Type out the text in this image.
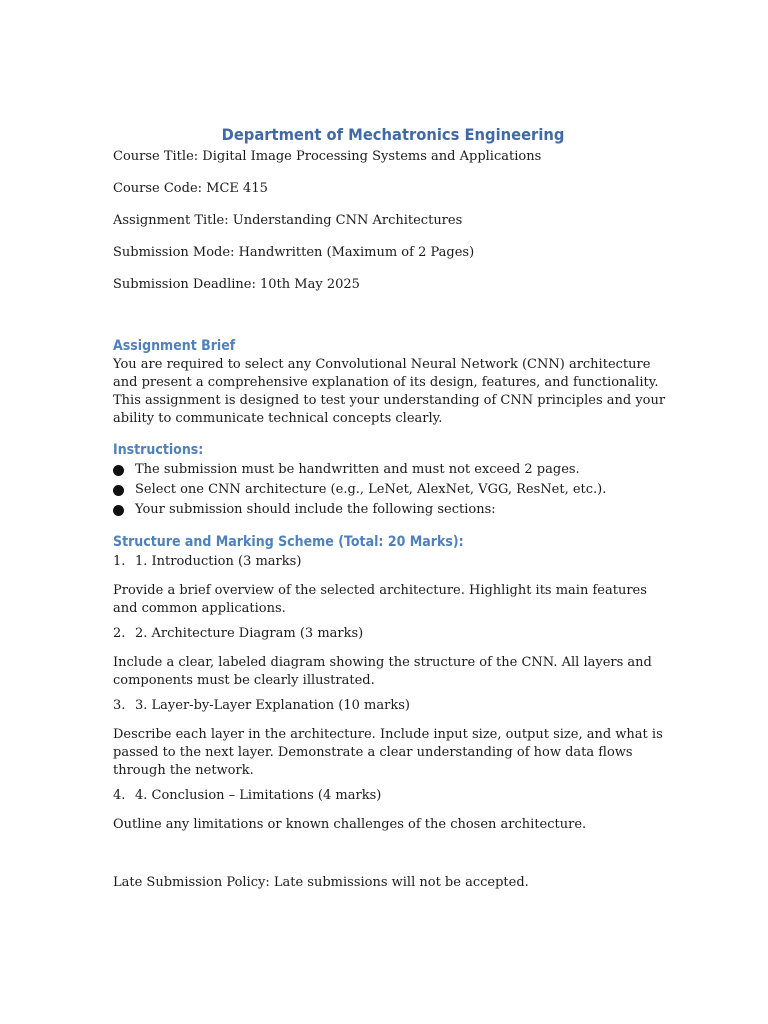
Department of Mechatronics Engineering

Course Title: Digital Image Processing Systems and Applications

Course Code: MCE 415

Assignment Title: Understanding CNN Architectures

Submission Mode: Handwritten (Maximum of 2 Pages)

Submission Deadline: 10th May 2025

Assignment Brief

You are required to select any Convolutional Neural Network (CNN) architecture and present a comprehensive explanation of its design, features, and functionality. This assignment is designed to test your understanding of CNN principles and your ability to communicate technical concepts clearly.

Instructions:
The submission must be handwritten and must not exceed 2 pages.
Select one CNN architecture (e.g., LeNet, AlexNet, VGG, ResNet, etc.).
Your submission should include the following sections:
Structure and Marking Scheme (Total: 20 Marks):

1. 1. Introduction (3 marks)

Provide a brief overview of the selected architecture. Highlight its main features and common applications.

2. 2. Architecture Diagram (3 marks)

Include a clear, labeled diagram showing the structure of the CNN. All layers and components must be clearly illustrated.

3. 3. Layer-by-Layer Explanation (10 marks)

Describe each layer in the architecture. Include input size, output size, and what is passed to the next layer. Demonstrate a clear understanding of how data flows through the network.

4. 4. Conclusion – Limitations (4 marks)

Outline any limitations or known challenges of the chosen architecture.

Late Submission Policy: Late submissions will not be accepted.
